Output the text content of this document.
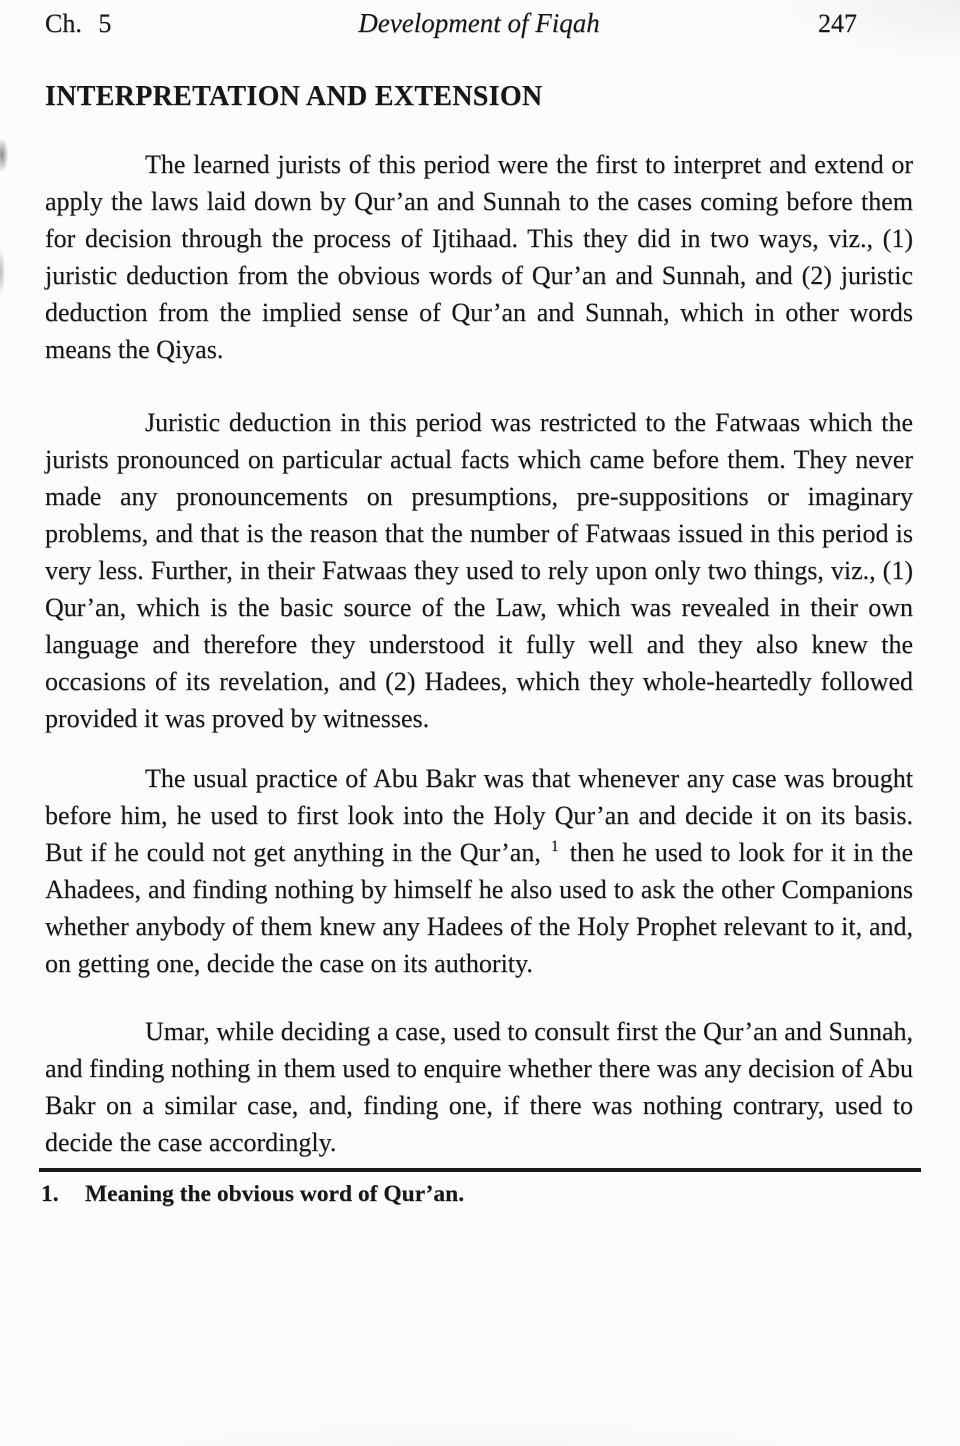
Ch. 5	Development of Fiqah	247
INTERPRETATION AND EXTENSION

The learned jurists of this period were the first to interpret and extend or apply the laws laid down by Qur’an and Sunnah to the cases coming before them for decision through the process of Ijtihaad. This they did in two ways, viz., (1) juristic deduction from the obvious words of Qur’an and Sunnah, and (2) juristic deduction from the implied sense of Qur’an and Sunnah, which in other words means the Qiyas.

Juristic deduction in this period was restricted to the Fatwaas which the jurists pronounced on particular actual facts which came before them. They never made any pronouncements on presumptions, pre-suppositions or imaginary problems, and that is the reason that the number of Fatwaas issued in this period is very less. Further, in their Fatwaas they used to rely upon only two things, viz., (1) Qur’an, which is the basic source of the Law, which was revealed in their own language and therefore they understood it fully well and they also knew the occasions of its revelation, and (2) Hadees, which they whole-heartedly followed provided it was proved by witnesses.

The usual practice of Abu Bakr was that whenever any case was brought before him, he used to first look into the Holy Qur’an and decide it on its basis. But if he could not get anything in the Qur’an, $^1$ then he used to look for it in the Ahadees, and finding nothing by himself he also used to ask the other Companions whether anybody of them knew any Hadees of the Holy Prophet relevant to it, and, on getting one, decide the case on its authority.

Umar, while deciding a case, used to consult first the Qur’an and Sunnah, and finding nothing in them used to enquire whether there was any decision of Abu Bakr on a similar case, and, finding one, if there was nothing contrary, used to decide the case accordingly.

1. Meaning the obvious word of Qur’an.
